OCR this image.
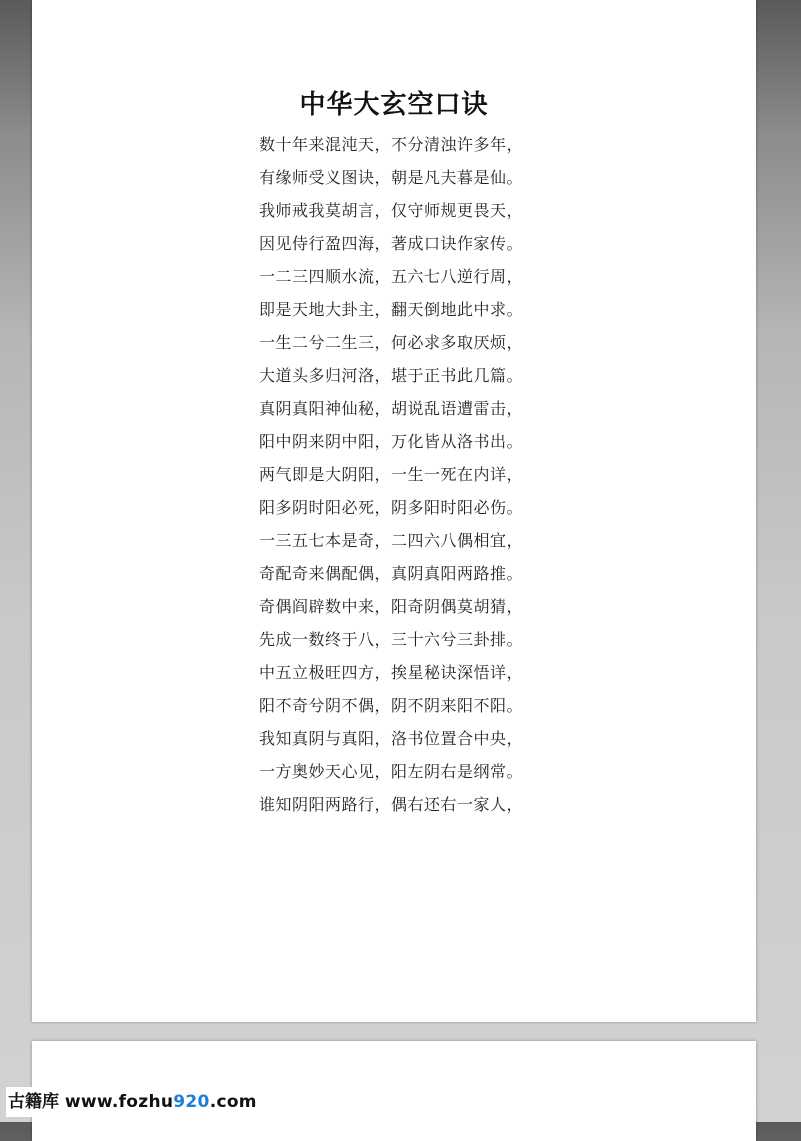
中华大玄空口诀
数十年来混沌天，不分清浊许多年，
有缘师受义图诀，朝是凡夫暮是仙。
我师戒我莫胡言，仅守师规更畏天，
因见侍行盈四海，著成口诀作家传。
一二三四顺水流，五六七八逆行周，
即是天地大卦主，翻天倒地此中求。
一生二兮二生三，何必求多取厌烦，
大道头多归河洛，堪于正书此几篇。
真阴真阳神仙秘，胡说乱语遭雷击，
阳中阴来阴中阳，万化皆从洛书出。
两气即是大阴阳，一生一死在内详，
阳多阴时阳必死，阴多阳时阳必伤。
一三五七本是奇，二四六八偶相宜，
奇配奇来偶配偶，真阴真阳两路推。
奇偶阎辟数中来，阳奇阴偶莫胡猜，
先成一数终于八，三十六兮三卦排。
中五立极旺四方，挨星秘诀深悟详，
阳不奇兮阴不偶，阴不阴来阳不阳。
我知真阴与真阳，洛书位置合中央，
一方奥妙天心见，阳左阴右是纲常。
谁知阴阳两路行，偶右还右一家人，
古籍库 www.fozhu920.com
